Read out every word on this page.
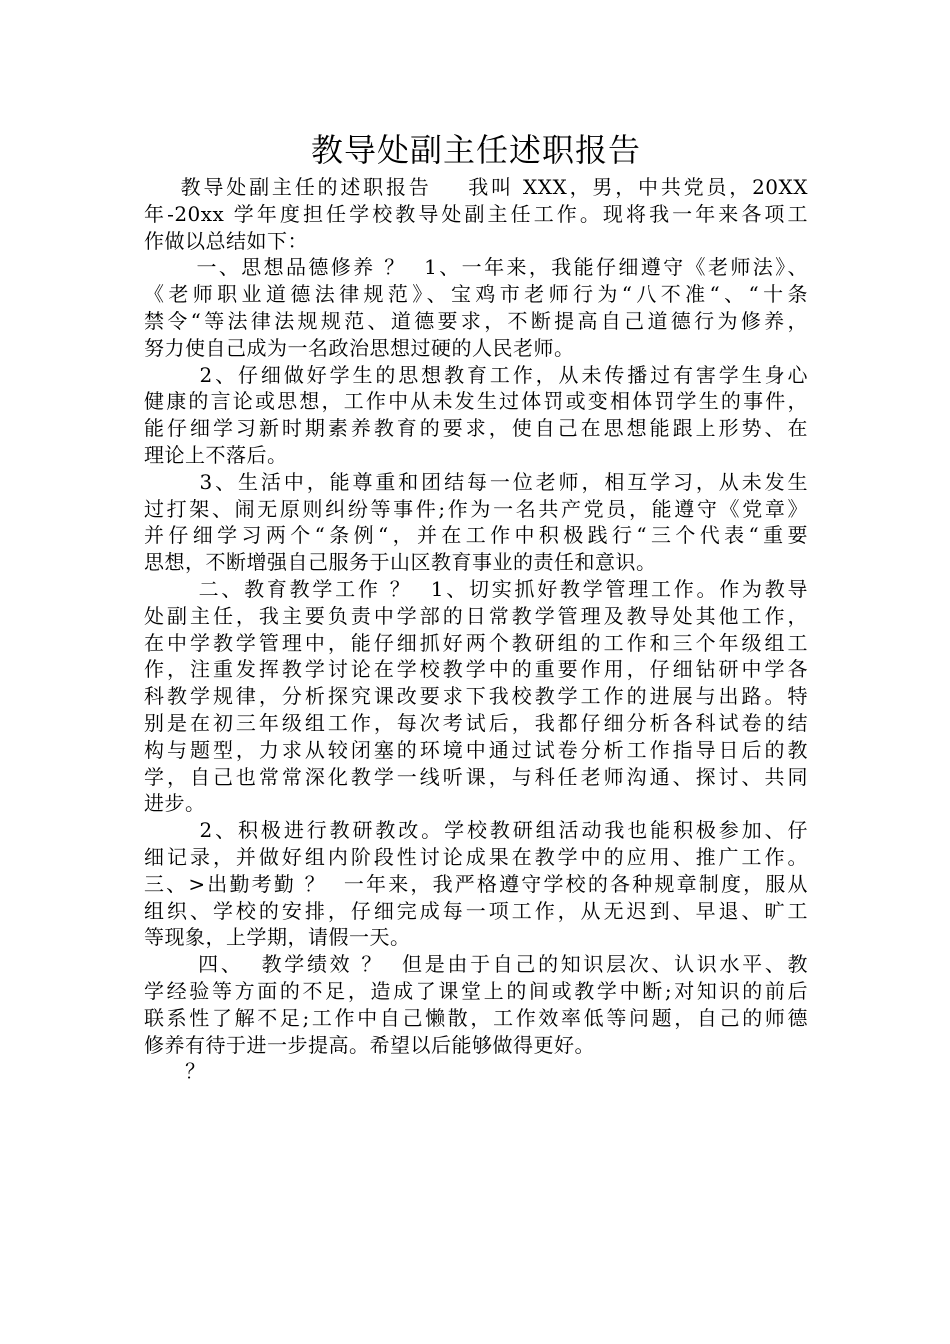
教导处副主任述职报告
教导处副主任的述职报告    我叫 XXX，男，中共党员，20XX
年-20xx 学年度担任学校教导处副主任工作。现将我一年来各项工
作做以总结如下：
一、思想品德修养 ？  1、一年来，我能仔细遵守《老师法》、
《老师职业道德法律规范》、宝鸡市老师行为“八不准“、“十条
禁令“等法律法规规范、道德要求，不断提高自己道德行为修养，
努力使自己成为一名政治思想过硬的人民老师。
2、仔细做好学生的思想教育工作，从未传播过有害学生身心
健康的言论或思想，工作中从未发生过体罚或变相体罚学生的事件，
能仔细学习新时期素养教育的要求，使自己在思想能跟上形势、在
理论上不落后。
3、生活中，能尊重和团结每一位老师，相互学习，从未发生
过打架、闹无原则纠纷等事件;作为一名共产党员，能遵守《党章》
并仔细学习两个“条例“，并在工作中积极践行“三个代表“重要
思想，不断增强自己服务于山区教育事业的责任和意识。
二、教育教学工作 ？  1、切实抓好教学管理工作。作为教导
处副主任，我主要负责中学部的日常教学管理及教导处其他工作，
在中学教学管理中，能仔细抓好两个教研组的工作和三个年级组工
作，注重发挥教学讨论在学校教学中的重要作用，仔细钻研中学各
科教学规律，分析探究课改要求下我校教学工作的进展与出路。特
别是在初三年级组工作，每次考试后，我都仔细分析各科试卷的结
构与题型，力求从较闭塞的环境中通过试卷分析工作指导日后的教
学，自己也常常深化教学一线听课，与科任老师沟通、探讨、共同
进步。
2、积极进行教研教改。学校教研组活动我也能积极参加、仔
细记录，并做好组内阶段性讨论成果在教学中的应用、推广工作。
三、>出勤考勤 ？  一年来，我严格遵守学校的各种规章制度，服从
组织、学校的安排，仔细完成每一项工作，从无迟到、早退、旷工
等现象，上学期，请假一天。
四、  教学绩效 ？  但是由于自己的知识层次、认识水平、教
学经验等方面的不足，造成了课堂上的间或教学中断;对知识的前后
联系性了解不足;工作中自己懒散，工作效率低等问题，自己的师德
修养有待于进一步提高。希望以后能够做得更好。
？
